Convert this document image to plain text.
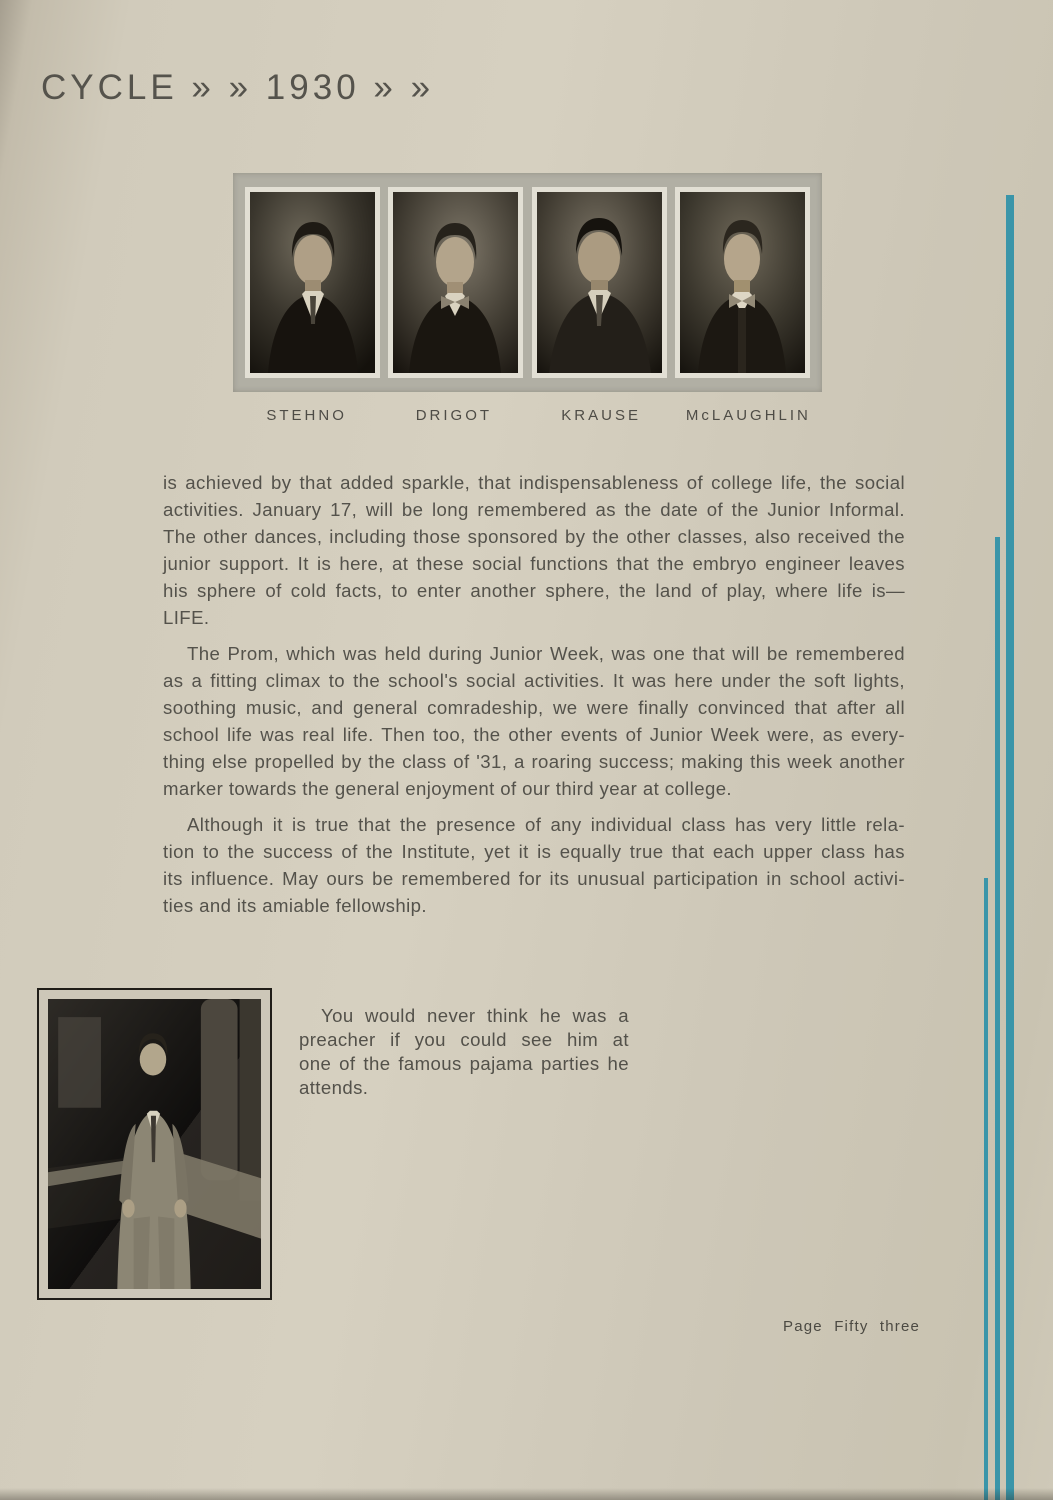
CYCLE » » 1930 » »
STEHNO	DRIGOT	KRAUSE	McLAUGHLIN
is achieved by that added sparkle, that indispensableness of college life, the social
activities. January 17, will be long remembered as the date of the Junior Informal.
The other dances, including those sponsored by the other classes, also received the
junior support. It is here, at these social functions that the embryo engineer leaves
his sphere of cold facts, to enter another sphere, the land of play, where life is—
LIFE.
The Prom, which was held during Junior Week, was one that will be remembered
as a fitting climax to the school's social activities. It was here under the soft lights,
soothing music, and general comradeship, we were finally convinced that after all
school life was real life. Then too, the other events of Junior Week were, as every-
thing else propelled by the class of '31, a roaring success; making this week another
marker towards the general enjoyment of our third year at college.
Although it is true that the presence of any individual class has very little rela-
tion to the success of the Institute, yet it is equally true that each upper class has
its influence. May ours be remembered for its unusual participation in school activi-
ties and its amiable fellowship.
You would never think he was a
preacher if you could see him at
one of the famous pajama parties he
attends.
Page Fifty three
